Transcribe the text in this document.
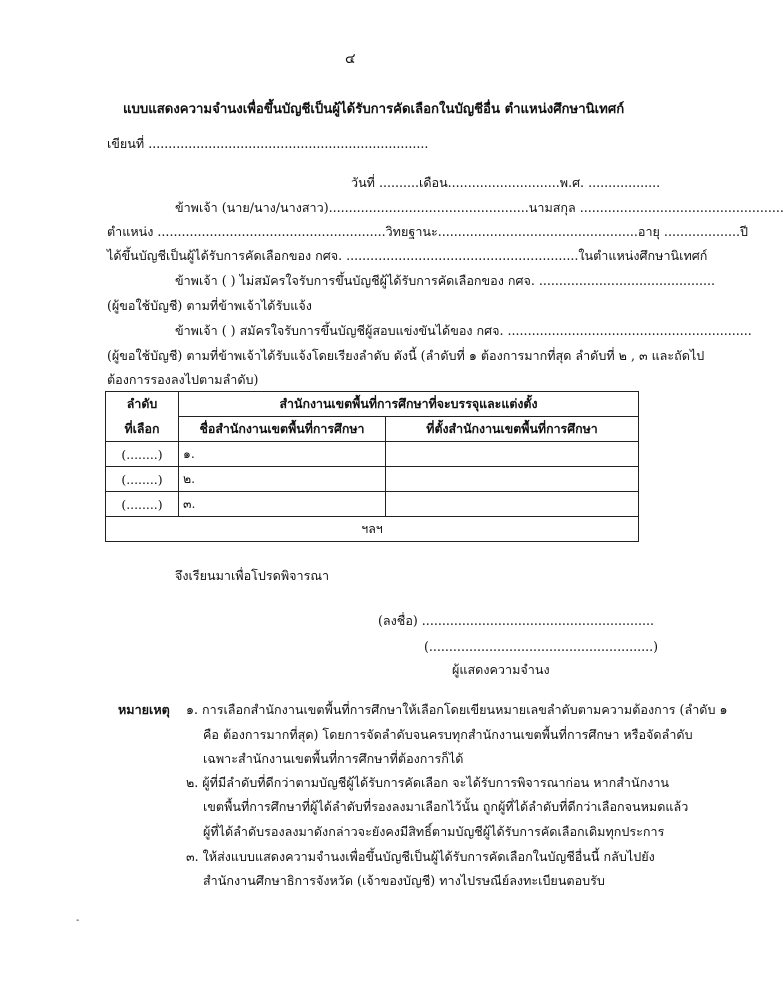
๔
แบบแสดงความจำนงเพื่อขึ้นบัญชีเป็นผู้ได้รับการคัดเลือกในบัญชีอื่น ตำแหน่งศึกษานิเทศก์
เขียนที่ ......................................................................
วันที่ ..........เดือน............................พ.ศ. ..................
ข้าพเจ้า (นาย/นาง/นางสาว)..................................................นามสกุล ...................................................
ตำแหน่ง .........................................................วิทยฐานะ..................................................อายุ ...................ปี
ได้ขึ้นบัญชีเป็นผู้ได้รับการคัดเลือกของ กศจ. ..........................................................ในตำแหน่งศึกษานิเทศก์
ข้าพเจ้า ( ) ไม่สมัครใจรับการขึ้นบัญชีผู้ได้รับการคัดเลือกของ กศจ. ............................................
(ผู้ขอใช้บัญชี) ตามที่ข้าพเจ้าได้รับแจ้ง
ข้าพเจ้า ( ) สมัครใจรับการขึ้นบัญชีผู้สอบแข่งขันได้ของ กศจ. .............................................................
(ผู้ขอใช้บัญชี) ตามที่ข้าพเจ้าได้รับแจ้งโดยเรียงลำดับ ดังนี้ (ลำดับที่ ๑ ต้องการมากที่สุด ลำดับที่ ๒ , ๓ และถัดไป
ต้องการรองลงไปตามลำดับ)
ลำดับ
ที่เลือก	สำนักงานเขตพื้นที่การศึกษาที่จะบรรจุและแต่งตั้ง	
	ชื่อสำนักงานเขตพื้นที่การศึกษา	ที่ตั้งสำนักงานเขตพื้นที่การศึกษา
(........)	๑.	
(........)	๒.	
(........)	๓.	
ฯลฯ		
จึงเรียนมาเพื่อโปรดพิจารณา
(ลงชื่อ) ..........................................................
(........................................................)
ผู้แสดงความจำนง
หมายเหตุ ๑. การเลือกสำนักงานเขตพื้นที่การศึกษาให้เลือกโดยเขียนหมายเลขลำดับตามความต้องการ (ลำดับ ๑
คือ ต้องการมากที่สุด) โดยการจัดลำดับจนครบทุกสำนักงานเขตพื้นที่การศึกษา หรือจัดลำดับ
เฉพาะสำนักงานเขตพื้นที่การศึกษาที่ต้องการก็ได้
๒. ผู้ที่มีลำดับที่ดีกว่าตามบัญชีผู้ได้รับการคัดเลือก จะได้รับการพิจารณาก่อน หากสำนักงาน
เขตพื้นที่การศึกษาที่ผู้ได้ลำดับที่รองลงมาเลือกไว้นั้น ถูกผู้ที่ได้ลำดับที่ดีกว่าเลือกจนหมดแล้ว
ผู้ที่ได้ลำดับรองลงมาดังกล่าวจะยังคงมีสิทธิ์ตามบัญชีผู้ได้รับการคัดเลือกเดิมทุกประการ
๓. ให้ส่งแบบแสดงความจำนงเพื่อขึ้นบัญชีเป็นผู้ได้รับการคัดเลือกในบัญชีอื่นนี้ กลับไปยัง
สำนักงานศึกษาธิการจังหวัด (เจ้าของบัญชี) ทางไปรษณีย์ลงทะเบียนตอบรับ
-
